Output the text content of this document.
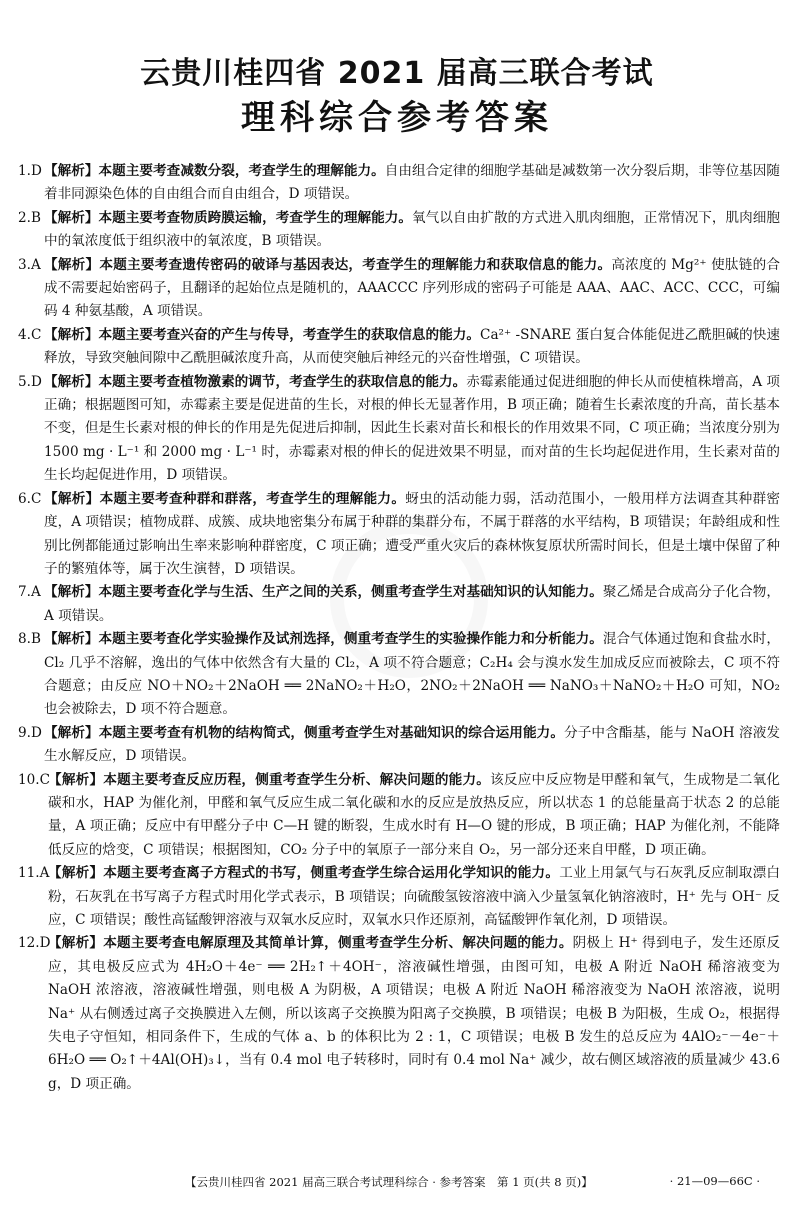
云贵川桂四省 2021 届高三联合考试
理科综合参考答案
1.D 【解析】本题主要考查减数分裂，考查学生的理解能力。自由组合定律的细胞学基础是减数第一次分裂后期，非等位基因随着非同源染色体的自由组合而自由组合，D 项错误。
2.B 【解析】本题主要考查物质跨膜运输，考查学生的理解能力。氧气以自由扩散的方式进入肌肉细胞，正常情况下，肌肉细胞中的氧浓度低于组织液中的氧浓度，B 项错误。
3.A 【解析】本题主要考查遗传密码的破译与基因表达，考查学生的理解能力和获取信息的能力。高浓度的 Mg²⁺ 使肽链的合成不需要起始密码子，且翻译的起始位点是随机的，AAACCC 序列形成的密码子可能是 AAA、AAC、ACC、CCC，可编码 4 种氨基酸，A 项错误。
4.C 【解析】本题主要考查兴奋的产生与传导，考查学生的获取信息的能力。Ca²⁺ -SNARE 蛋白复合体能促进乙酰胆碱的快速释放，导致突触间隙中乙酰胆碱浓度升高，从而使突触后神经元的兴奋性增强，C 项错误。
5.D 【解析】本题主要考查植物激素的调节，考查学生的获取信息的能力。赤霉素能通过促进细胞的伸长从而使植株增高，A 项正确；根据题图可知，赤霉素主要是促进苗的生长，对根的伸长无显著作用，B 项正确；随着生长素浓度的升高，苗长基本不变，但是生长素对根的伸长的作用是先促进后抑制，因此生长素对苗长和根长的作用效果不同，C 项正确；当浓度分别为 1500 mg · L⁻¹ 和 2000 mg · L⁻¹ 时，赤霉素对根的伸长的促进效果不明显，而对苗的生长均起促进作用，生长素对苗的生长均起促进作用，D 项错误。
6.C 【解析】本题主要考查种群和群落，考查学生的理解能力。蚜虫的活动能力弱，活动范围小，一般用样方法调查其种群密度，A 项错误；植物成群、成簇、成块地密集分布属于种群的集群分布，不属于群落的水平结构，B 项错误；年龄组成和性别比例都能通过影响出生率来影响种群密度，C 项正确；遭受严重火灾后的森林恢复原状所需时间长，但是土壤中保留了种子的繁殖体等，属于次生演替，D 项错误。
7.A 【解析】本题主要考查化学与生活、生产之间的关系，侧重考查学生对基础知识的认知能力。聚乙烯是合成高分子化合物，A 项错误。
8.B 【解析】本题主要考查化学实验操作及试剂选择，侧重考查学生的实验操作能力和分析能力。混合气体通过饱和食盐水时，Cl₂ 几乎不溶解，逸出的气体中依然含有大量的 Cl₂，A 项不符合题意；C₂H₄ 会与溴水发生加成反应而被除去，C 项不符合题意；由反应 NO＋NO₂＋2NaOH ══ 2NaNO₂＋H₂O，2NO₂＋2NaOH ══ NaNO₃＋NaNO₂＋H₂O 可知，NO₂ 也会被除去，D 项不符合题意。
9.D 【解析】本题主要考查有机物的结构简式，侧重考查学生对基础知识的综合运用能力。分子中含酯基，能与 NaOH 溶液发生水解反应，D 项错误。
10.C
【解析】本题主要考查反应历程，侧重考查学生分析、解决问题的能力。该反应中反应物是甲醛和氧气，生成物是二氧化碳和水，HAP 为催化剂，甲醛和氧气反应生成二氧化碳和水的反应是放热反应，所以状态 1 的总能量高于状态 2 的总能量，A 项正确；反应中有甲醛分子中 C—H 键的断裂，生成水时有 H—O 键的形成，B 项正确；HAP 为催化剂，不能降低反应的焓变，C 项错误；根据图知，CO₂ 分子中的氧原子一部分来自 O₂，另一部分还来自甲醛，D 项正确。
11.A
【解析】本题主要考查离子方程式的书写，侧重考查学生综合运用化学知识的能力。工业上用氯气与石灰乳反应制取漂白粉，石灰乳在书写离子方程式时用化学式表示，B 项错误；向硫酸氢铵溶液中滴入少量氢氧化钠溶液时，H⁺ 先与 OH⁻ 反应，C 项错误；酸性高锰酸钾溶液与双氧水反应时，双氧水只作还原剂，高锰酸钾作氧化剂，D 项错误。
12.D
【解析】本题主要考查电解原理及其简单计算，侧重考查学生分析、解决问题的能力。阴极上 H⁺ 得到电子，发生还原反应，其电极反应式为 4H₂O＋4e⁻ ══ 2H₂↑＋4OH⁻，溶液碱性增强，由图可知，电极 A 附近 NaOH 稀溶液变为 NaOH 浓溶液，溶液碱性增强，则电极 A 为阴极，A 项错误；电极 A 附近 NaOH 稀溶液变为 NaOH 浓溶液，说明 Na⁺ 从右侧透过离子交换膜进入左侧，所以该离子交换膜为阳离子交换膜，B 项错误；电极 B 为阳极，生成 O₂，根据得失电子守恒知，相同条件下，生成的气体 a、b 的体积比为 2 : 1，C 项错误；电极 B 发生的总反应为 4AlO₂⁻－4e⁻＋6H₂O ══ O₂↑＋4Al(OH)₃↓，当有 0.4 mol 电子转移时，同时有 0.4 mol Na⁺ 减少，故右侧区域溶液的质量减少 43.6 g，D 项正确。
【云贵川桂四省 2021 届高三联合考试理科综合 · 参考答案　第 1 页(共 8 页)】	· 21—09—66C ·
